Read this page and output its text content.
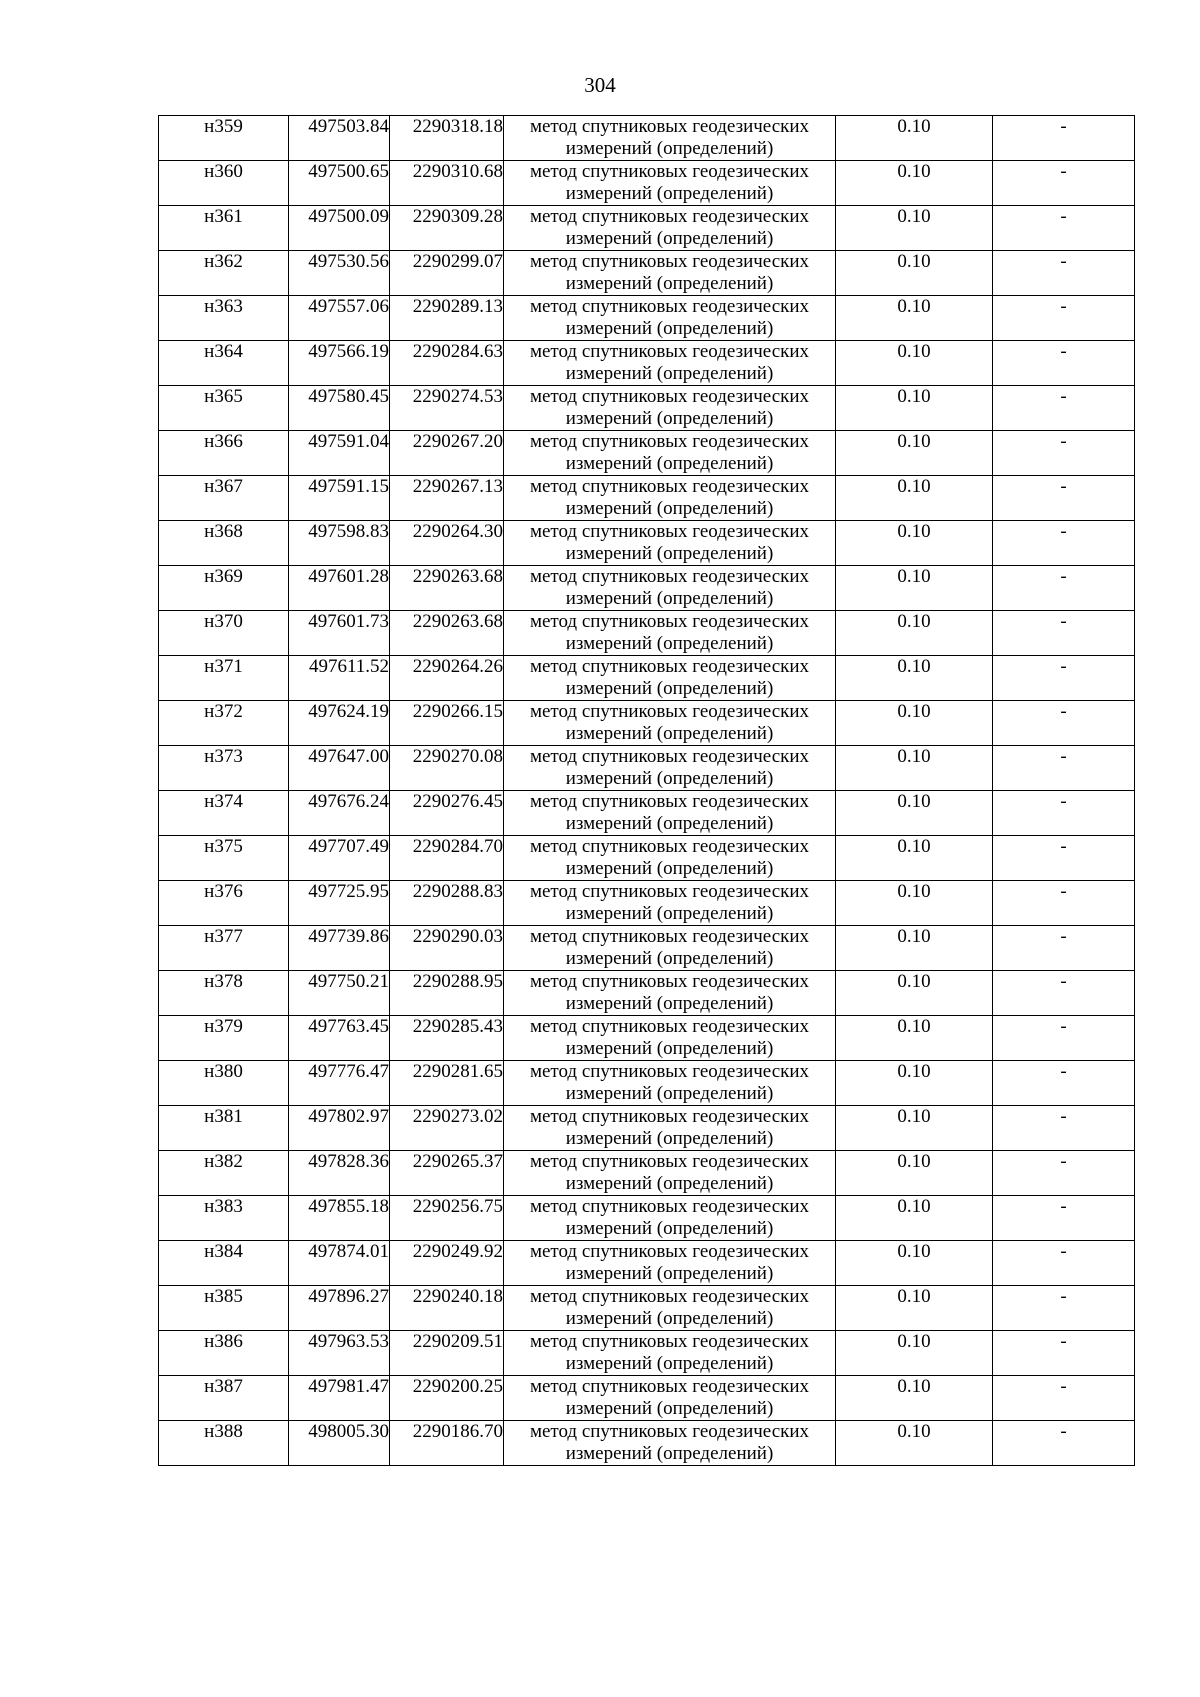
304
н359	497503.84	2290318.18	метод спутниковых геодезических
измерений (определений)	0.10	-
н360	497500.65	2290310.68	метод спутниковых геодезических
измерений (определений)	0.10	-
н361	497500.09	2290309.28	метод спутниковых геодезических
измерений (определений)	0.10	-
н362	497530.56	2290299.07	метод спутниковых геодезических
измерений (определений)	0.10	-
н363	497557.06	2290289.13	метод спутниковых геодезических
измерений (определений)	0.10	-
н364	497566.19	2290284.63	метод спутниковых геодезических
измерений (определений)	0.10	-
н365	497580.45	2290274.53	метод спутниковых геодезических
измерений (определений)	0.10	-
н366	497591.04	2290267.20	метод спутниковых геодезических
измерений (определений)	0.10	-
н367	497591.15	2290267.13	метод спутниковых геодезических
измерений (определений)	0.10	-
н368	497598.83	2290264.30	метод спутниковых геодезических
измерений (определений)	0.10	-
н369	497601.28	2290263.68	метод спутниковых геодезических
измерений (определений)	0.10	-
н370	497601.73	2290263.68	метод спутниковых геодезических
измерений (определений)	0.10	-
н371	497611.52	2290264.26	метод спутниковых геодезических
измерений (определений)	0.10	-
н372	497624.19	2290266.15	метод спутниковых геодезических
измерений (определений)	0.10	-
н373	497647.00	2290270.08	метод спутниковых геодезических
измерений (определений)	0.10	-
н374	497676.24	2290276.45	метод спутниковых геодезических
измерений (определений)	0.10	-
н375	497707.49	2290284.70	метод спутниковых геодезических
измерений (определений)	0.10	-
н376	497725.95	2290288.83	метод спутниковых геодезических
измерений (определений)	0.10	-
н377	497739.86	2290290.03	метод спутниковых геодезических
измерений (определений)	0.10	-
н378	497750.21	2290288.95	метод спутниковых геодезических
измерений (определений)	0.10	-
н379	497763.45	2290285.43	метод спутниковых геодезических
измерений (определений)	0.10	-
н380	497776.47	2290281.65	метод спутниковых геодезических
измерений (определений)	0.10	-
н381	497802.97	2290273.02	метод спутниковых геодезических
измерений (определений)	0.10	-
н382	497828.36	2290265.37	метод спутниковых геодезических
измерений (определений)	0.10	-
н383	497855.18	2290256.75	метод спутниковых геодезических
измерений (определений)	0.10	-
н384	497874.01	2290249.92	метод спутниковых геодезических
измерений (определений)	0.10	-
н385	497896.27	2290240.18	метод спутниковых геодезических
измерений (определений)	0.10	-
н386	497963.53	2290209.51	метод спутниковых геодезических
измерений (определений)	0.10	-
н387	497981.47	2290200.25	метод спутниковых геодезических
измерений (определений)	0.10	-
н388	498005.30	2290186.70	метод спутниковых геодезических
измерений (определений)	0.10	-
